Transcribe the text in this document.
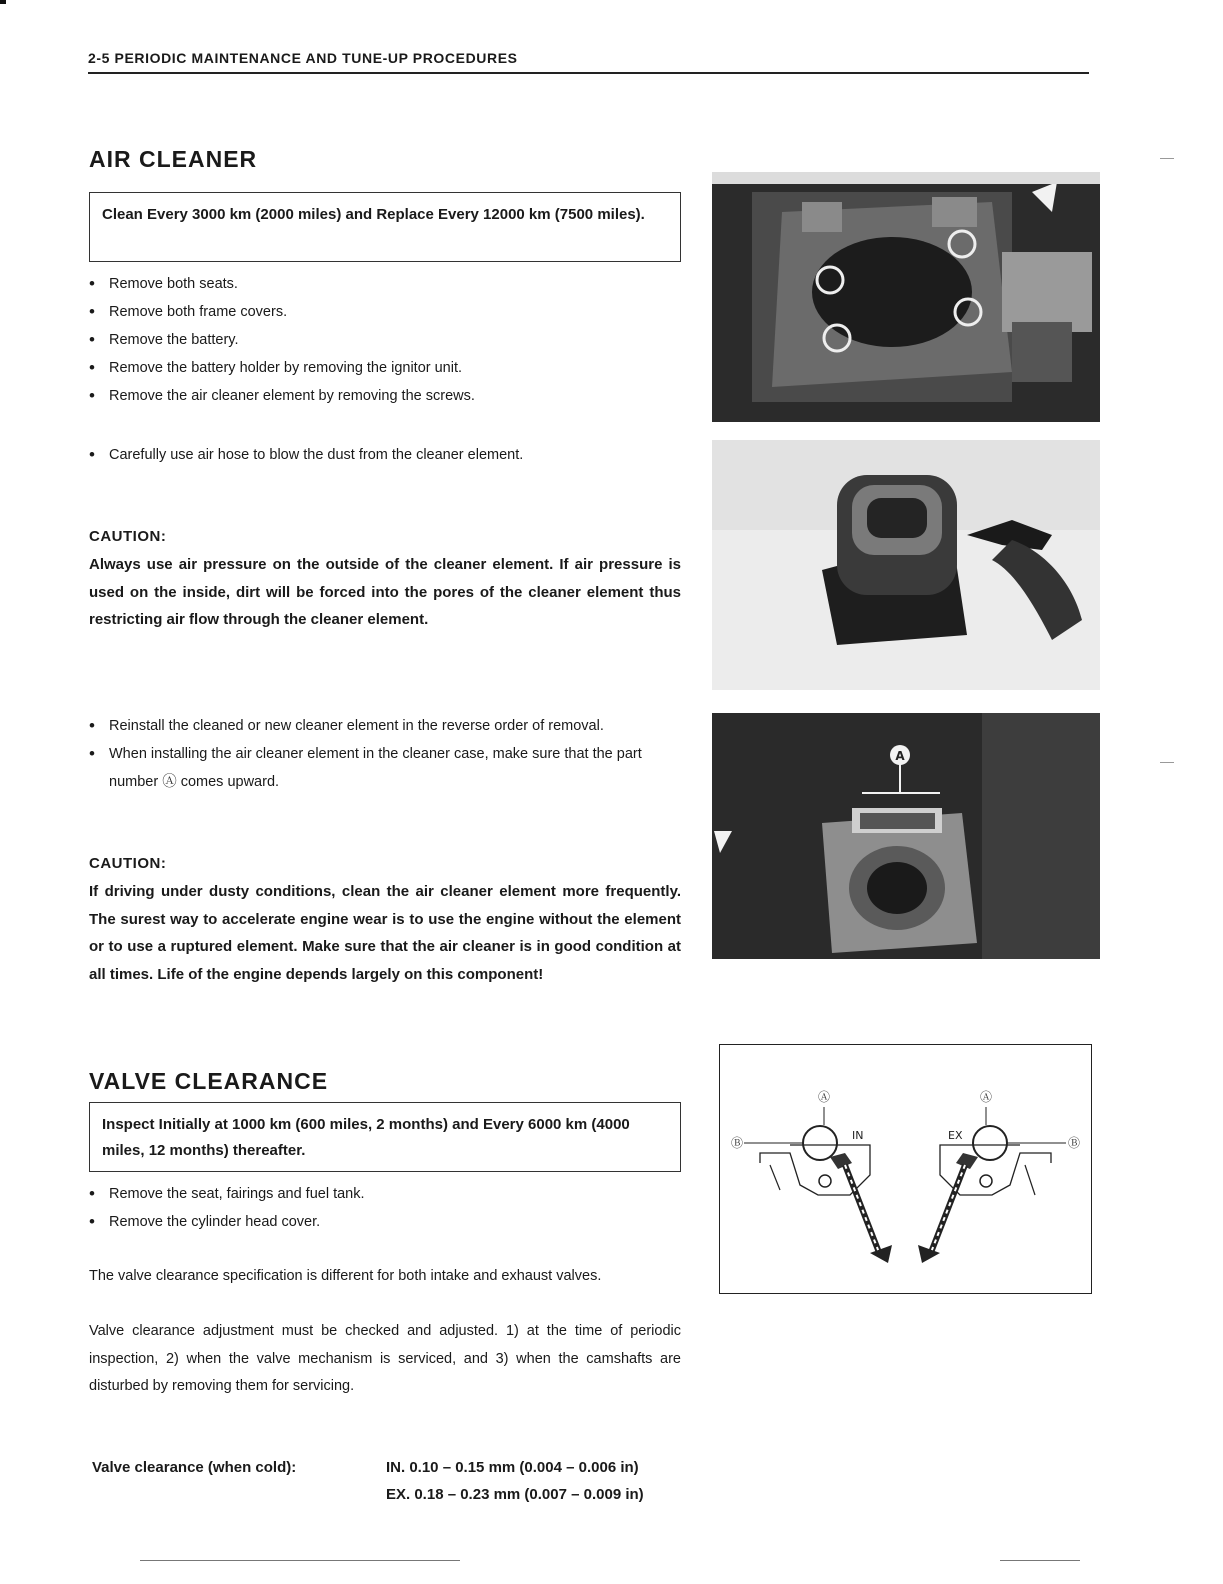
2-5 PERIODIC MAINTENANCE AND TUNE-UP PROCEDURES
AIR CLEANER
Clean Every 3000 km (2000 miles) and Replace Every 12000 km (7500 miles).
• Remove both seats.
• Remove both frame covers.
• Remove the battery.
• Remove the battery holder by removing the ignitor unit.
• Remove the air cleaner element by removing the screws.
• Carefully use air hose to blow the dust from the cleaner element.
CAUTION:
Always use air pressure on the outside of the cleaner element. If air pressure is used on the inside, dirt will be forced into the pores of the cleaner element thus restricting air flow through the cleaner element.
• Reinstall the cleaned or new cleaner element in the reverse order of removal.
• When installing the air cleaner element in the cleaner case, make sure that the part number Ⓐ comes upward.
CAUTION:
If driving under dusty conditions, clean the air cleaner element more frequently. The surest way to accelerate engine wear is to use the engine without the element or to use a ruptured element. Make sure that the air cleaner is in good condition at all times. Life of the engine depends largely on this component!
VALVE CLEARANCE
Inspect Initially at 1000 km (600 miles, 2 months) and Every 6000 km (4000 miles, 12 months) thereafter.
• Remove the seat, fairings and fuel tank.
• Remove the cylinder head cover.
The valve clearance specification is different for both intake and exhaust valves.
Valve clearance adjustment must be checked and adjusted. 1) at the time of periodic inspection, 2) when the valve mechanism is serviced, and 3) when the camshafts are disturbed by removing them for servicing.
Valve clearance (when cold):	IN. 0.10 – 0.15 mm (0.004 – 0.006 in)
EX. 0.18 – 0.23 mm (0.007 – 0.009 in)
A
Ⓐ	Ⓐ
Ⓑ	Ⓑ
IN	EX
